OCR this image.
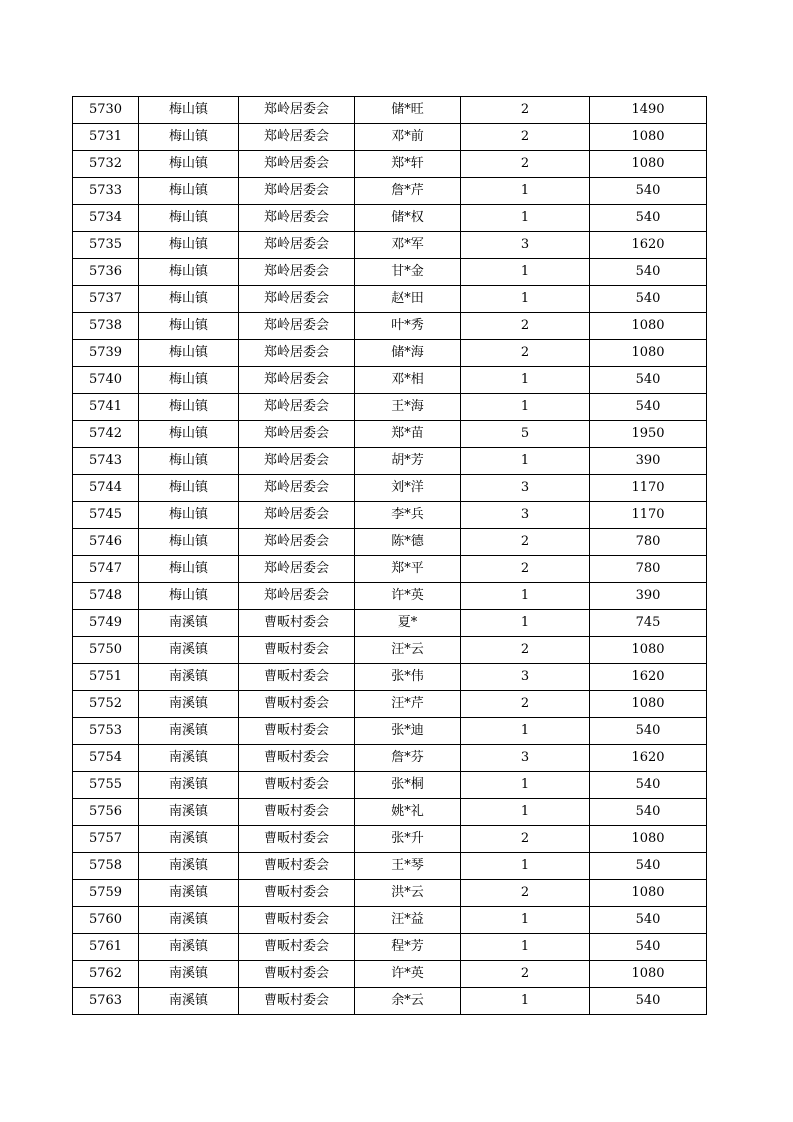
5730	梅山镇	郑岭居委会	储*旺	2	1490
5731	梅山镇	郑岭居委会	邓*前	2	1080
5732	梅山镇	郑岭居委会	郑*轩	2	1080
5733	梅山镇	郑岭居委会	詹*芹	1	540
5734	梅山镇	郑岭居委会	储*权	1	540
5735	梅山镇	郑岭居委会	邓*军	3	1620
5736	梅山镇	郑岭居委会	甘*金	1	540
5737	梅山镇	郑岭居委会	赵*田	1	540
5738	梅山镇	郑岭居委会	叶*秀	2	1080
5739	梅山镇	郑岭居委会	储*海	2	1080
5740	梅山镇	郑岭居委会	邓*相	1	540
5741	梅山镇	郑岭居委会	王*海	1	540
5742	梅山镇	郑岭居委会	郑*苗	5	1950
5743	梅山镇	郑岭居委会	胡*芳	1	390
5744	梅山镇	郑岭居委会	刘*洋	3	1170
5745	梅山镇	郑岭居委会	李*兵	3	1170
5746	梅山镇	郑岭居委会	陈*德	2	780
5747	梅山镇	郑岭居委会	郑*平	2	780
5748	梅山镇	郑岭居委会	许*英	1	390
5749	南溪镇	曹畈村委会	夏*	1	745
5750	南溪镇	曹畈村委会	汪*云	2	1080
5751	南溪镇	曹畈村委会	张*伟	3	1620
5752	南溪镇	曹畈村委会	汪*芹	2	1080
5753	南溪镇	曹畈村委会	张*迪	1	540
5754	南溪镇	曹畈村委会	詹*芬	3	1620
5755	南溪镇	曹畈村委会	张*桐	1	540
5756	南溪镇	曹畈村委会	姚*礼	1	540
5757	南溪镇	曹畈村委会	张*升	2	1080
5758	南溪镇	曹畈村委会	王*琴	1	540
5759	南溪镇	曹畈村委会	洪*云	2	1080
5760	南溪镇	曹畈村委会	汪*益	1	540
5761	南溪镇	曹畈村委会	程*芳	1	540
5762	南溪镇	曹畈村委会	许*英	2	1080
5763	南溪镇	曹畈村委会	余*云	1	540
